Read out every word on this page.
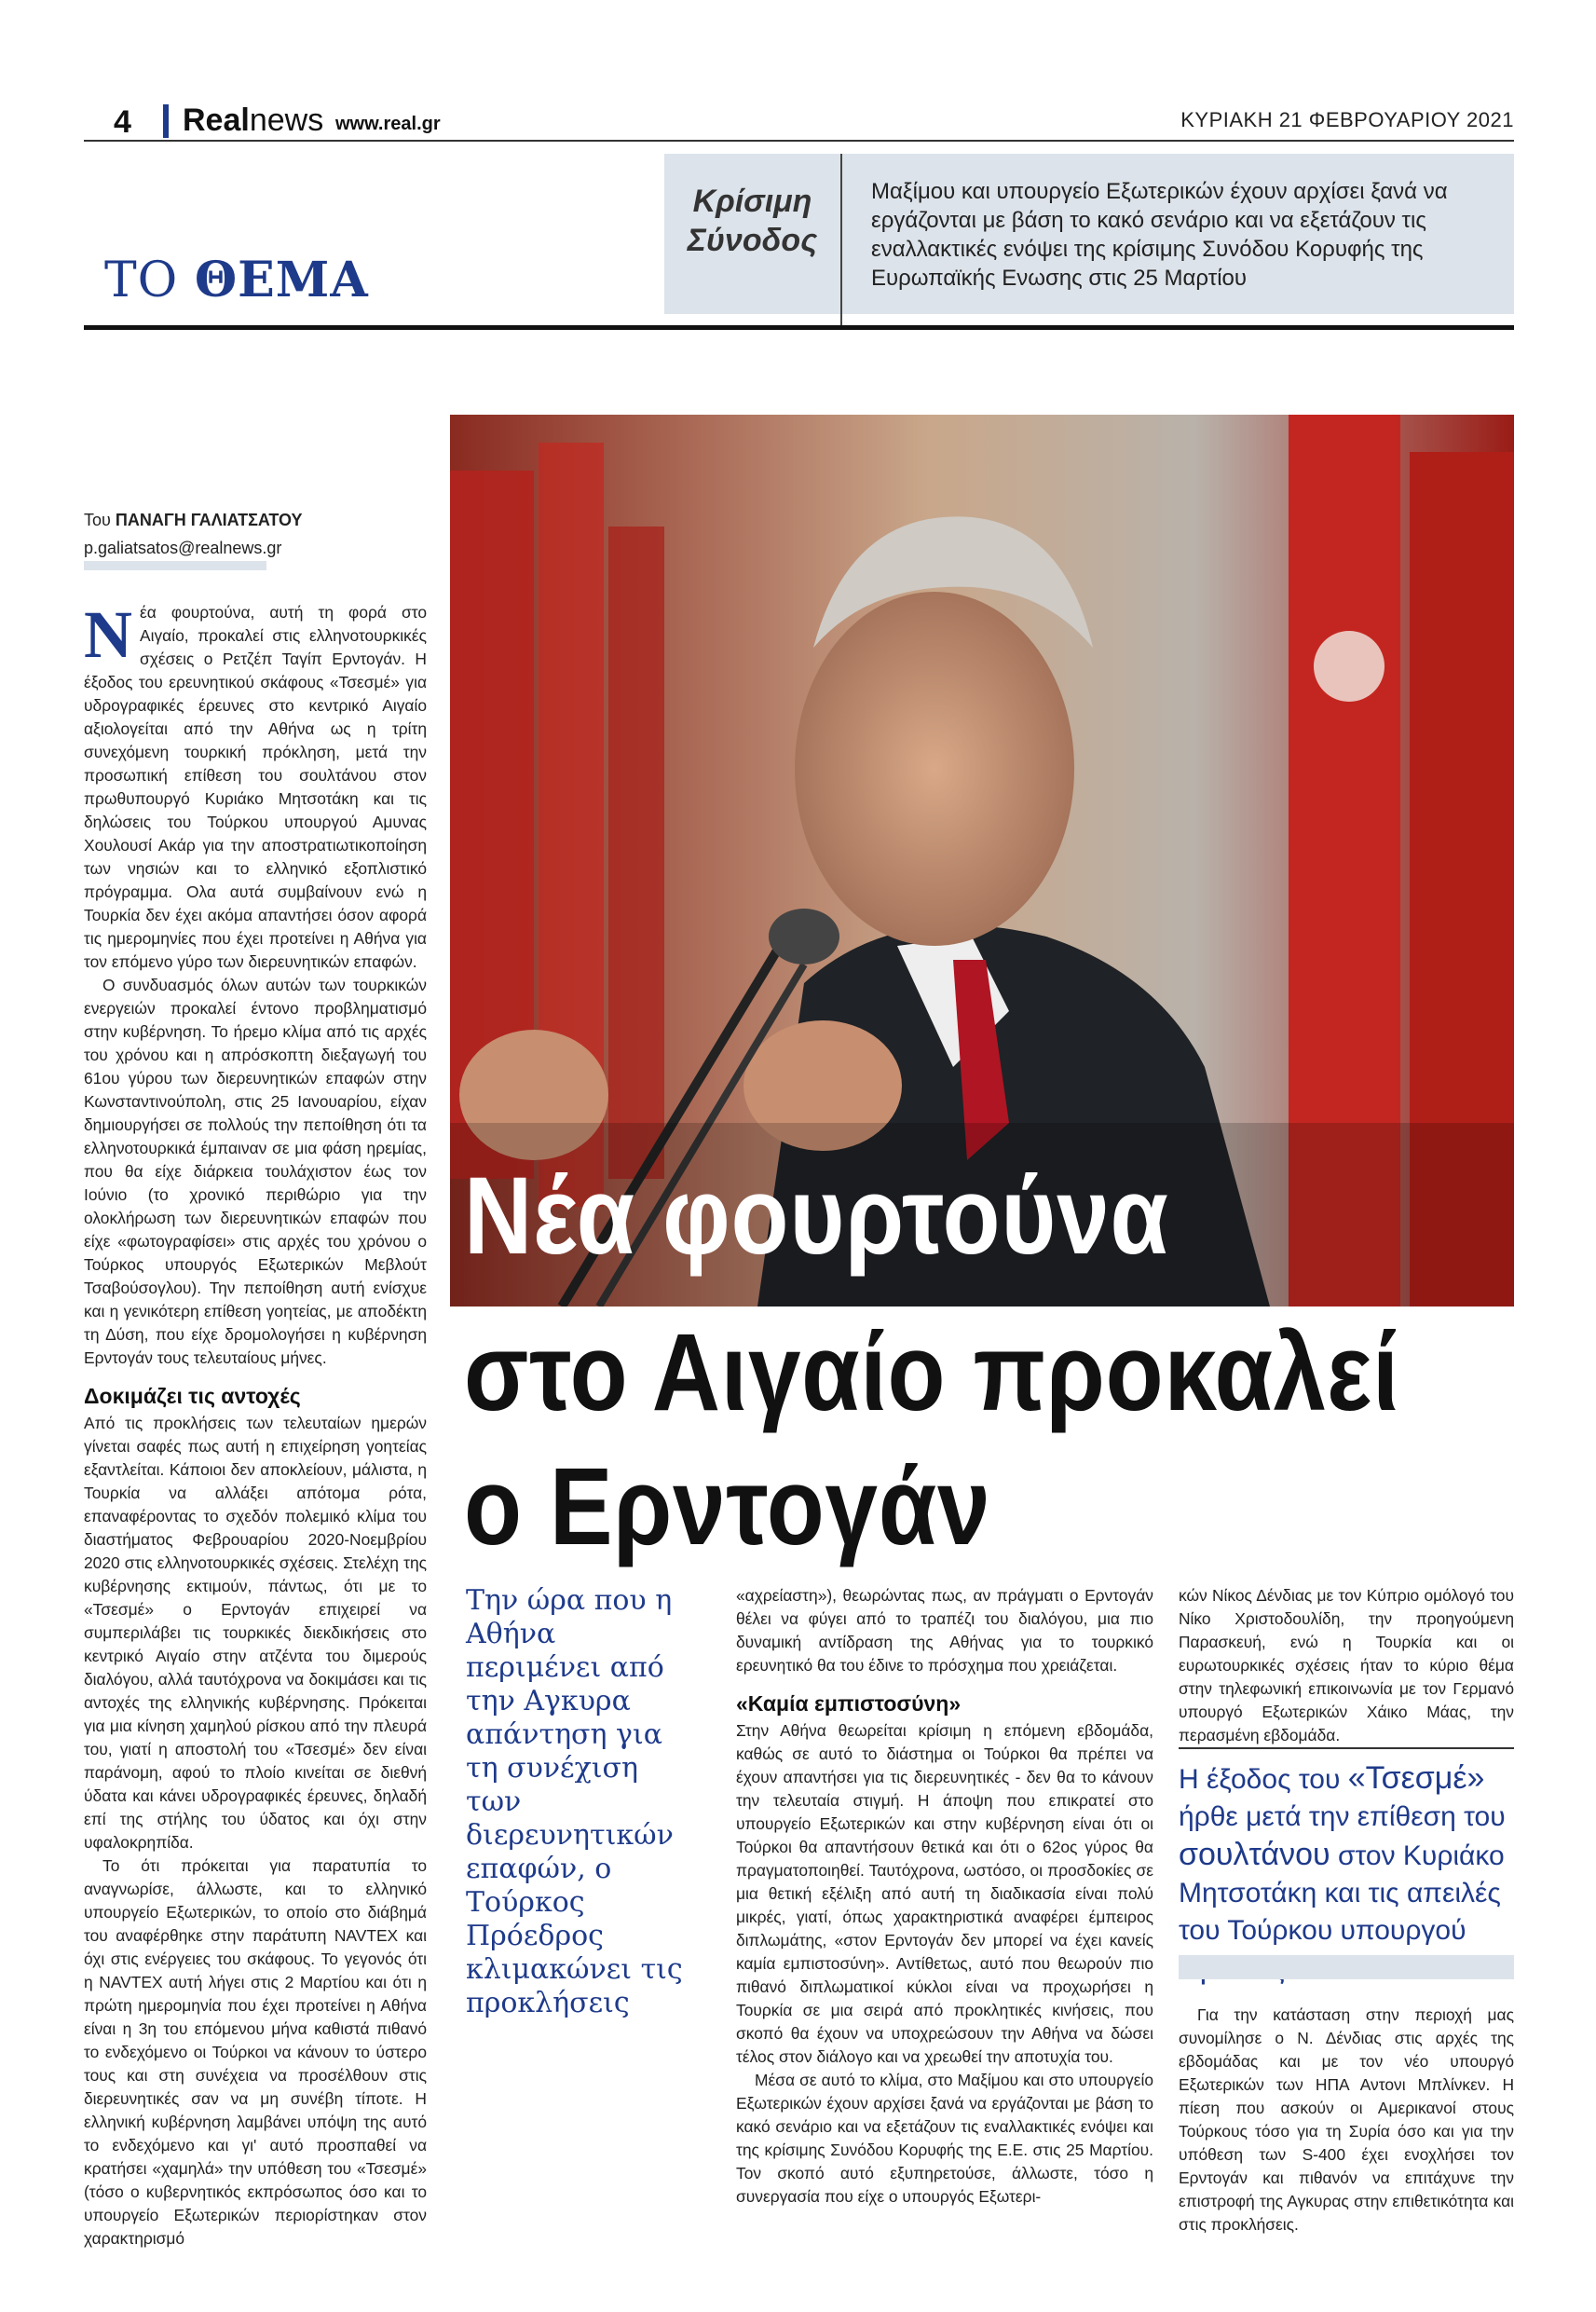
4 Realnews www.real.gr	ΚΥΡΙΑΚΗ 21 ΦΕΒΡΟΥΑΡΙΟΥ 2021
ΤΟ ΘΕΜΑ
Κρίσιμη
Σύνοδος
Μαξίμου και υπουργείο Εξωτερικών έχουν αρχίσει ξανά να εργάζονται με βάση το κακό σενάριο και να εξετάζουν τις εναλλακτικές ενόψει της κρίσιμης Συνόδου Κορυφής της Ευρωπαϊκής Ενωσης στις 25 Μαρτίου
Του ΠΑΝΑΓΗ ΓΑΛΙΑΤΣΑΤΟΥ
p.galiatsatos@realnews.gr

Νέα φουρτούνα, αυτή τη φορά στο Αιγαίο, προκαλεί στις ελληνοτουρκικές σχέσεις ο Ρετζέπ Ταγίπ Ερντογάν. Η έξοδος του ερευνητικού σκάφους «Τσεσμέ» για υδρογραφικές έρευνες στο κεντρικό Αιγαίο αξιολογείται από την Αθήνα ως η τρίτη συνεχόμενη τουρκική πρόκληση, μετά την προσωπική επίθεση του σουλτάνου στον πρωθυπουργό Κυριάκο Μητσοτάκη και τις δηλώσεις του Τούρκου υπουργού Αμυνας Χουλουσί Ακάρ για την αποστρατιωτικοποίηση των νησιών και το ελληνικό εξοπλιστικό πρόγραμμα. Ολα αυτά συμβαίνουν ενώ η Τουρκία δεν έχει ακόμα απαντήσει όσον αφορά τις ημερομηνίες που έχει προτείνει η Αθήνα για τον επόμενο γύρο των διερευνητικών επαφών.

Ο συνδυασμός όλων αυτών των τουρκικών ενεργειών προκαλεί έντονο προβληματισμό στην κυβέρνηση. Το ήρεμο κλίμα από τις αρχές του χρόνου και η απρόσκοπτη διεξαγωγή του 61ου γύρου των διερευνητικών επαφών στην Κωνσταντινούπολη, στις 25 Ιανουαρίου, είχαν δημιουργήσει σε πολλούς την πεποίθηση ότι τα ελληνοτουρκικά έμπαιναν σε μια φάση ηρεμίας, που θα είχε διάρκεια τουλάχιστον έως τον Ιούνιο (το χρονικό περιθώριο για την ολοκλήρωση των διερευνητικών επαφών που είχε «φωτογραφίσει» στις αρχές του χρόνου ο Τούρκος υπουργός Εξωτερικών Μεβλούτ Τσαβούσογλου). Την πεποίθηση αυτή ενίσχυε και η γενικότερη επίθεση γοητείας, με αποδέκτη τη Δύση, που είχε δρομολογήσει η κυβέρνηση Ερντογάν τους τελευταίους μήνες.

Δοκιμάζει τις αντοχές

Από τις προκλήσεις των τελευταίων ημερών γίνεται σαφές πως αυτή η επιχείρηση γοητείας εξαντλείται. Κάποιοι δεν αποκλείουν, μάλιστα, η Τουρκία να αλλάξει απότομα ρότα, επαναφέροντας το σχεδόν πολεμικό κλίμα του διαστήματος Φεβρουαρίου 2020-Νοεμβρίου 2020 στις ελληνοτουρκικές σχέσεις. Στελέχη της κυβέρνησης εκτιμούν, πάντως, ότι με το «Τσεσμέ» ο Ερντογάν επιχειρεί να συμπεριλάβει τις τουρκικές διεκδικήσεις στο κεντρικό Αιγαίο στην ατζέντα του διμερούς διαλόγου, αλλά ταυτόχρονα να δοκιμάσει και τις αντοχές της ελληνικής κυβέρνησης. Πρόκειται για μια κίνηση χαμηλού ρίσκου από την πλευρά του, γιατί η αποστολή του «Τσεσμέ» δεν είναι παράνομη, αφού το πλοίο κινείται σε διεθνή ύδατα και κάνει υδρογραφικές έρευνες, δηλαδή επί της στήλης του ύδατος και όχι στην υφαλοκρηπίδα.

Το ότι πρόκειται για παρατυπία το αναγνωρίσε, άλλωστε, και το ελληνικό υπουργείο Εξωτερικών, το οποίο στο διάβημά του αναφέρθηκε στην παράτυπη NAVTEX και όχι στις ενέργειες του σκάφους. Το γεγονός ότι η NAVTEX αυτή λήγει στις 2 Μαρτίου και ότι η πρώτη ημερομηνία που έχει προτείνει η Αθήνα είναι η 3η του επόμενου μήνα καθιστά πιθανό το ενδεχόμενο οι Τούρκοι να κάνουν το ύστερο τους και στη συνέχεια να προσέλθουν στις διερευνητικές σαν να μη συνέβη τίποτε. Η ελληνική κυβέρνηση λαμβάνει υπόψη της αυτό το ενδεχόμενο και γι' αυτό προσπαθεί να κρατήσει «χαμηλά» την υπόθεση του «Τσεσμέ» (τόσο ο κυβερνητικός εκπρόσωπος όσο και το υπουργείο Εξωτερικών περιορίστηκαν στον χαρακτηρισμό

Νέα φουρτούνα
στο Αιγαίο προκαλεί
ο Ερντογάν
Την ώρα που η Αθήνα περιμένει από την Αγκυρα απάντηση για τη συνέχιση των διερευνητικών επαφών, ο Τούρκος Πρόεδρος κλιμακώνει τις προκλήσεις

«αχρείαστη»), θεωρώντας πως, αν πράγματι ο Ερντογάν θέλει να φύγει από το τραπέζι του διαλόγου, μια πιο δυναμική αντίδραση της Αθήνας για το τουρκικό ερευνητικό θα του έδινε το πρόσχημα που χρειάζεται.

«Καμία εμπιστοσύνη»

Στην Αθήνα θεωρείται κρίσιμη η επόμενη εβδομάδα, καθώς σε αυτό το διάστημα οι Τούρκοι θα πρέπει να έχουν απαντήσει για τις διερευνητικές - δεν θα το κάνουν την τελευταία στιγμή. Η άποψη που επικρατεί στο υπουργείο Εξωτερικών και στην κυβέρνηση είναι ότι οι Τούρκοι θα απαντήσουν θετικά και ότι ο 62ος γύρος θα πραγματοποιηθεί. Ταυτόχρονα, ωστόσο, οι προσδοκίες σε μια θετική εξέλιξη από αυτή τη διαδικασία είναι πολύ μικρές, γιατί, όπως χαρακτηριστικά αναφέρει έμπειρος διπλωμάτης, «στον Ερντογάν δεν μπορεί να έχει κανείς καμία εμπιστοσύνη». Αντίθετως, αυτό που θεωρούν πιο πιθανό διπλωματικοί κύκλοι είναι να προχωρήσει η Τουρκία σε μια σειρά από προκλητικές κινήσεις, που σκοπό θα έχουν να υποχρεώσουν την Αθήνα να δώσει τέλος στον διάλογο και να χρεωθεί την αποτυχία του.

Μέσα σε αυτό το κλίμα, στο Μαξίμου και στο υπουργείο Εξωτερικών έχουν αρχίσει ξανά να εργάζονται με βάση το κακό σενάριο και να εξετάζουν τις εναλλακτικές ενόψει και της κρίσιμης Συνόδου Κορυφής της Ε.Ε. στις 25 Μαρτίου. Τον σκοπό αυτό εξυπηρετούσε, άλλωστε, τόσο η συνεργασία που είχε ο υπουργός Εξωτερι-

κών Νίκος Δένδιας με τον Κύπριο ομόλογό του Νίκο Χριστοδουλίδη, την προηγούμενη Παρασκευή, ενώ η Τουρκία και οι ευρωτουρκικές σχέσεις ήταν το κύριο θέμα στην τηλεφωνική επικοινωνία με τον Γερμανό υπουργό Εξωτερικών Χάικο Μάας, την περασμένη εβδομάδα.

Η έξοδος του «Τσεσμέ» ήρθε μετά την επίθεση του σουλτάνου στον Κυριάκο Μητσοτάκη και τις απειλές του Τούρκου υπουργού

Για την κατάσταση στην περιοχή μας συνομίλησε ο Ν. Δένδιας στις αρχές της εβδομάδας και με τον νέο υπουργό Εξωτερικών των ΗΠΑ Αντονι Μπλίνκεν. Η πίεση που ασκούν οι Αμερικανοί στους Τούρκους τόσο για τη Συρία όσο και για την υπόθεση των S-400 έχει ενοχλήσει τον Ερντογάν και πιθανόν να επιτάχυνε την επιστροφή της Αγκυρας στην επιθετικότητα και στις προκλήσεις.
